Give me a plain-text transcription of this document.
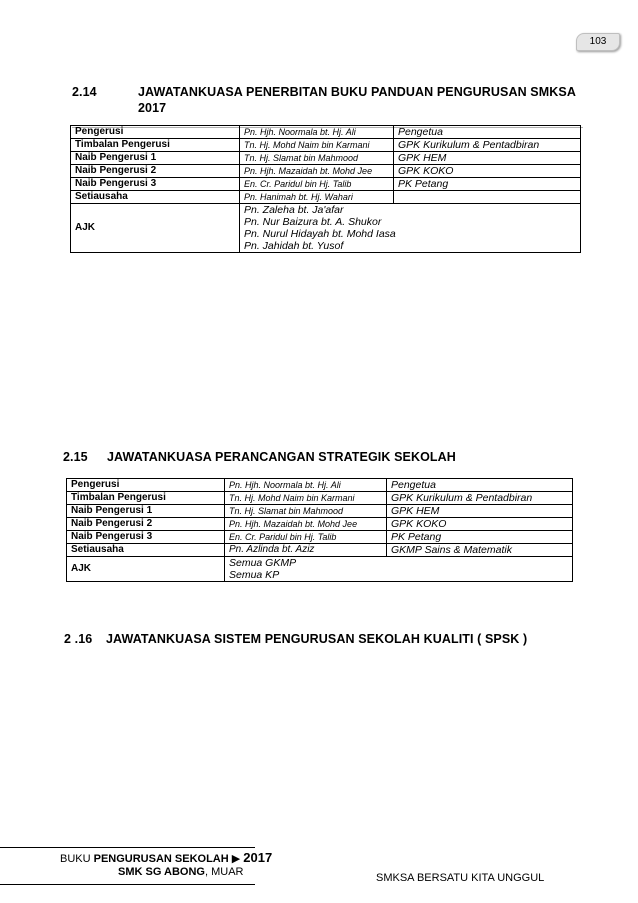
103
2.14	JAWATANKUASA PENERBITAN BUKU PANDUAN PENGURUSAN SMKSA
2017
Pengerusi	Pn. Hjh. Noormala bt. Hj. Ali	Pengetua
Timbalan Pengerusi	Tn. Hj. Mohd Naim bin Karmani	GPK Kurikulum & Pentadbiran
Naib Pengerusi 1	Tn. Hj. Slamat bin Mahmood	GPK HEM
Naib Pengerusi 2	Pn. Hjh. Mazaidah bt. Mohd Jee	GPK KOKO
Naib Pengerusi 3	En. Cr. Paridul bin Hj. Talib	PK Petang
Setiausaha	Pn. Hanimah bt. Hj. Wahari	
AJK	Pn. Zaleha bt. Ja'afar
Pn. Nur Baizura bt. A. Shukor
Pn. Nurul Hidayah bt. Mohd Iasa
Pn. Jahidah bt. Yusof	
2.15 JAWATANKUASA PERANCANGAN STRATEGIK SEKOLAH
Pengerusi	Pn. Hjh. Noormala bt. Hj. Ali	Pengetua
Timbalan Pengerusi	Tn. Hj. Mohd Naim bin Karmani	GPK Kurikulum & Pentadbiran
Naib Pengerusi 1	Tn. Hj. Slamat bin Mahmood	GPK HEM
Naib Pengerusi 2	Pn. Hjh. Mazaidah bt. Mohd Jee	GPK KOKO
Naib Pengerusi 3	En. Cr. Paridul bin Hj. Talib	PK Petang
Setiausaha	Pn. Azlinda bt. Aziz	GKMP Sains & Matematik
AJK	Semua GKMP
Semua KP	
2 .16 JAWATANKUASA SISTEM PENGURUSAN SEKOLAH KUALITI ( SPSK )
BUKU PENGURUSAN SEKOLAH ▶ 2017
SMK SG ABONG, MUAR	SMKSA BERSATU KITA UNGGUL
